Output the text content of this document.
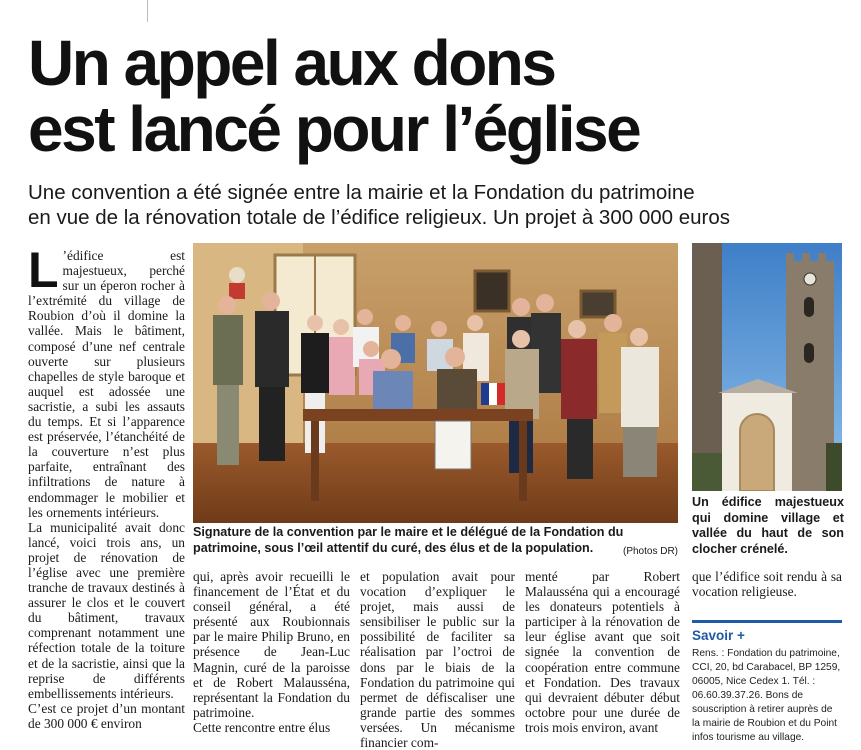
Un appel aux dons
est lancé pour l’église
Une convention a été signée entre la mairie et la Fondation du patrimoine
en vue de la rénovation totale de l’édifice religieux. Un projet à 300 000 euros

L ’édifice est majestueux, perché sur un éperon rocher à l’extrémité du village de Roubion d’où il domine la vallée. Mais le bâtiment, composé d’une nef centrale ouverte sur plusieurs chapelles de style baroque et auquel est adossée une sacristie, a subi les assauts du temps. Et si l’apparence est préservée, l’étanchéité de la couverture n’est plus parfaite, entraînant des infiltrations de nature à endommager le mobilier et les ornements intérieurs.

La municipalité avait donc lancé, voici trois ans, un projet de rénovation de l’église avec une première tranche de travaux destinés à assurer le clos et le couvert du bâtiment, travaux comprenant notamment une réfection totale de la toiture et de la sacristie, ainsi que la reprise de différents embellissements intérieurs.

C’est ce projet d’un montant de 300 000 € environ

Signature de la convention par le maire et le délégué de la Fondation du patrimoine, sous l’œil attentif du curé, des élus et de la population.	(Photos DR)
Un édifice majestueux qui domine village et vallée du haut de son clocher crénelé.

qui, après avoir recueilli le financement de l’État et du conseil général, a été présenté aux Roubionnais par le maire Philip Bruno, en présence de Jean-Luc Magnin, curé de la paroisse et de Robert Malausséna, représentant la Fondation du patrimoine.

Cette rencontre entre élus

et population avait pour vocation d’expliquer le projet, mais aussi de sensibiliser le public sur la possibilité de faciliter sa réalisation par l’octroi de dons par le biais de la Fondation du patrimoine qui permet de défiscaliser une grande partie des sommes versées. Un mécanisme financier com-

menté par Robert Malausséna qui a encouragé les donateurs potentiels à participer à la rénovation de leur église avant que soit signée la convention de coopération entre commune et Fondation. Des travaux qui devraient débuter début octobre pour une durée de trois mois environ, avant

que l’édifice soit rendu à sa vocation religieuse.

Savoir +
Rens. : Fondation du patrimoine, CCI, 20, bd Carabacel, BP 1259, 06005, Nice Cedex 1. Tél. : 06.60.39.37.26. Bons de souscription à retirer auprès de la mairie de Roubion et du Point infos tourisme au village.
